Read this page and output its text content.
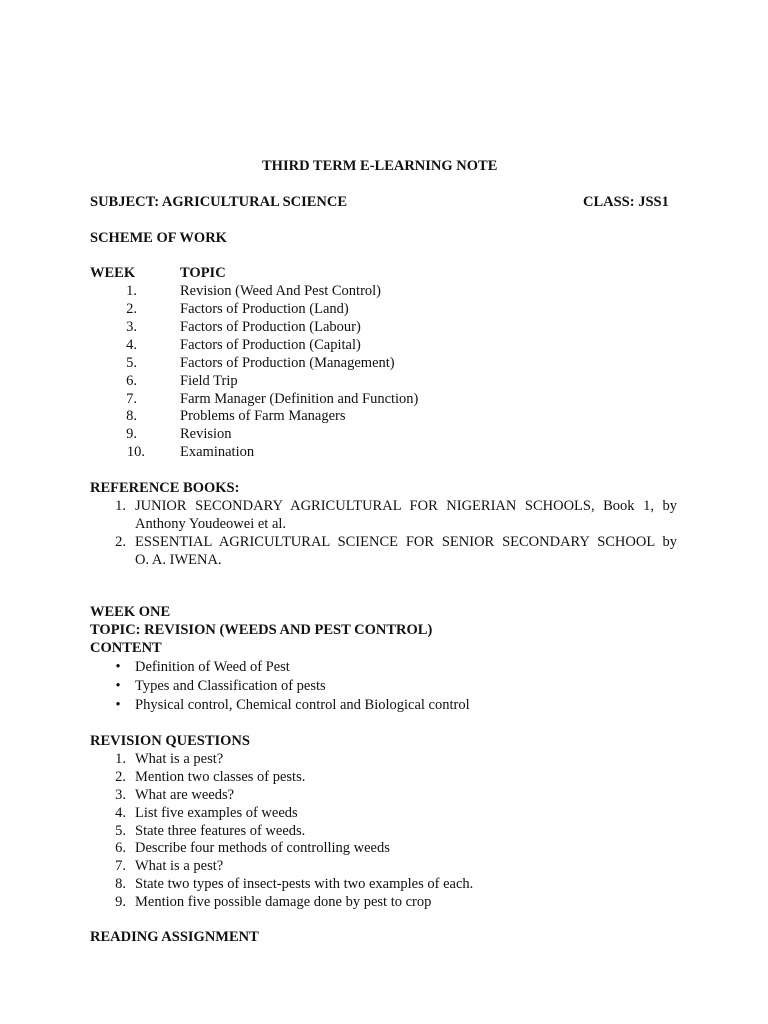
THIRD TERM E-LEARNING NOTE
SUBJECT: AGRICULTURAL SCIENCE	CLASS: JSS1
SCHEME OF WORK
WEEK	TOPIC
1.	Revision (Weed And Pest Control)
2.	Factors of Production (Land)
3.	Factors of Production (Labour)
4.	Factors of Production (Capital)
5.	Factors of Production (Management)
6.	Field Trip
7.	Farm Manager (Definition and Function)
8.	Problems of Farm Managers
9.	Revision
10. Examination
REFERENCE BOOKS:
1. JUNIOR SECONDARY AGRICULTURAL FOR NIGERIAN SCHOOLS, Book 1, by
Anthony Youdeowei et al.
2. ESSENTIAL AGRICULTURAL SCIENCE FOR SENIOR SECONDARY SCHOOL by
O. A. IWENA.
WEEK ONE
TOPIC: REVISION (WEEDS AND PEST CONTROL)
CONTENT
• Definition of Weed of Pest
• Types and Classification of pests
• Physical control, Chemical control and Biological control
REVISION QUESTIONS
1. What is a pest?
2. Mention two classes of pests.
3. What are weeds?
4. List five examples of weeds
5. State three features of weeds.
6. Describe four methods of controlling weeds
7. What is a pest?
8. State two types of insect-pests with two examples of each.
9. Mention five possible damage done by pest to crop
READING ASSIGNMENT
